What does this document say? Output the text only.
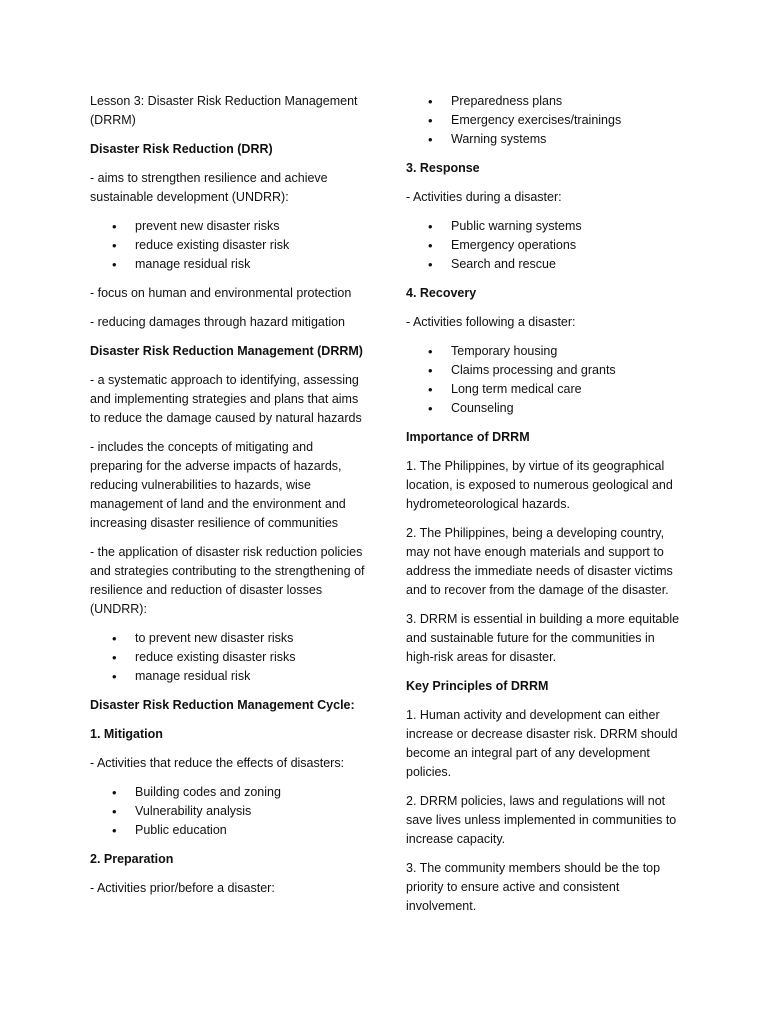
Lesson 3: Disaster Risk Reduction Management (DRRM)

Disaster Risk Reduction (DRR)

- aims to strengthen resilience and achieve sustainable development (UNDRR):

• prevent new disaster risks
• reduce existing disaster risk
• manage residual risk

- focus on human and environmental protection

- reducing damages through hazard mitigation

Disaster Risk Reduction Management (DRRM)

- a systematic approach to identifying, assessing and implementing strategies and plans that aims to reduce the damage caused by natural hazards

- includes the concepts of mitigating and preparing for the adverse impacts of hazards, reducing vulnerabilities to hazards, wise management of land and the environment and increasing disaster resilience of communities

- the application of disaster risk reduction policies and strategies contributing to the strengthening of resilience and reduction of disaster losses (UNDRR):

• to prevent new disaster risks
• reduce existing disaster risks
• manage residual risk

Disaster Risk Reduction Management Cycle:

1. Mitigation

- Activities that reduce the effects of disasters:

• Building codes and zoning
• Vulnerability analysis
• Public education

2. Preparation

- Activities prior/before a disaster:

• Preparedness plans
• Emergency exercises/trainings
• Warning systems

3. Response

- Activities during a disaster:

• Public warning systems
• Emergency operations
• Search and rescue

4. Recovery

- Activities following a disaster:

• Temporary housing
• Claims processing and grants
• Long term medical care
• Counseling

Importance of DRRM

1. The Philippines, by virtue of its geographical location, is exposed to numerous geological and hydrometeorological hazards.

2. The Philippines, being a developing country, may not have enough materials and support to address the immediate needs of disaster victims and to recover from the damage of the disaster.

3. DRRM is essential in building a more equitable and sustainable future for the communities in high-risk areas for disaster.

Key Principles of DRRM

1. Human activity and development can either increase or decrease disaster risk. DRRM should become an integral part of any development policies.

2. DRRM policies, laws and regulations will not save lives unless implemented in communities to increase capacity.

3. The community members should be the top priority to ensure active and consistent involvement.
